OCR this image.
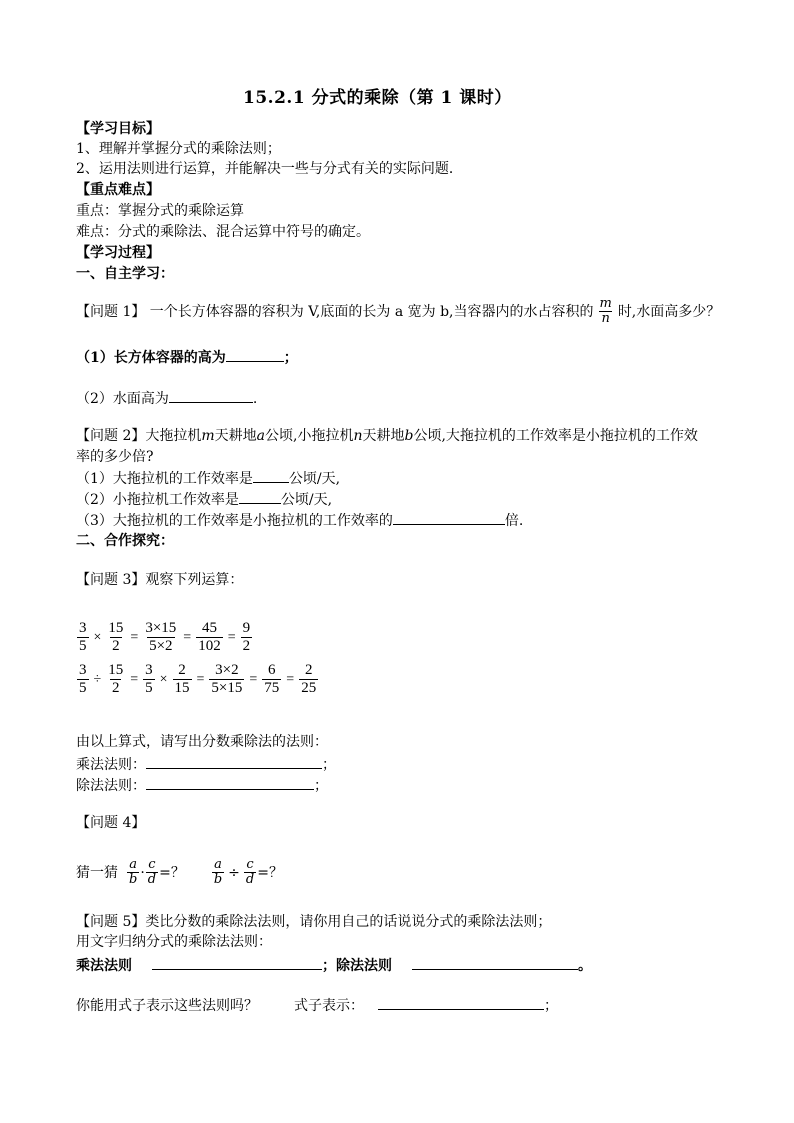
15.2.1 分式的乘除（第 1 课时）
【学习目标】
1、理解并掌握分式的乘除法则；
2、运用法则进行运算，并能解决一些与分式有关的实际问题．
【重点难点】
重点：掌握分式的乘除运算
难点：分式的乘除法、混合运算中符号的确定。
【学习过程】
一、自主学习：
【问题 1】 一个长方体容器的容积为 V,底面的长为 a 宽为 b,当容器内的水占容积的 $\frac{m}{n}$ 时,水面高多少？
（1）长方体容器的高为	；
（2）水面高为	.
【问题 2】大拖拉机m天耕地a公顷,小拖拉机n天耕地b公顷,大拖拉机的工作效率是小拖拉机的工作效
率的多少倍?
（1）大拖拉机的工作效率是	公顷/天,
（2）小拖拉机工作效率是	公顷/天,
（3）大拖拉机的工作效率是小拖拉机的工作效率的	倍.
二、合作探究：
【问题 3】观察下列运算：
$\frac{3}{5} \times \frac{15}{2} = \frac{3\times 15}{5\times 2} = \frac{45}{102} = \frac{9}{2}$
$\frac{3}{5} \div \frac{15}{2} = \frac{3}{5} \times \frac{2}{15} = \frac{3\times 2}{5\times 15} = \frac{6}{75} = \frac{2}{25}$
由以上算式，请写出分数乘除法的法则：
乘法法则：	；
除法法则：	；
【问题 4】
猜一猜 $\frac{a}{b} \cdot \frac{c}{d}$ =？ $\frac{a}{b} \div \frac{c}{d}$ =？
【问题 5】类比分数的乘除法法则，请你用自己的话说说分式的乘除法法则；
用文字归纳分式的乘除法法则：
乘法法则	；除法法则	。
你能用式子表示这些法则吗？	式子表示：	；
